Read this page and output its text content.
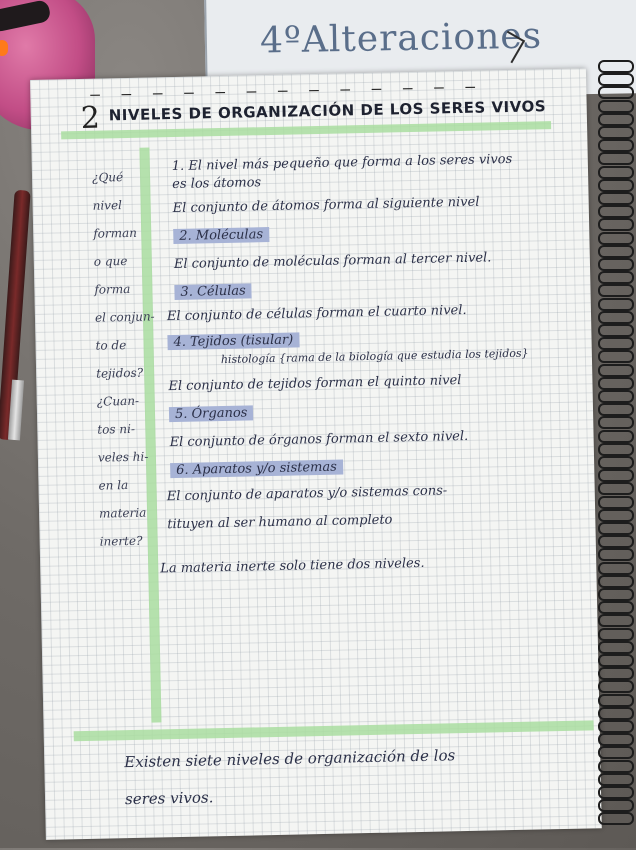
4ºAlteraciones
— — — — — — — — — — — — —
2 NIVELES DE ORGANIZACIÓN DE LOS SERES VIVOS
¿Qué
nivel
forman
o que
forma
el conjun-
to de
tejidos?
¿Cuan-
tos ni-
veles hi-
en la
materia
inerte?
1. El nivel más pequeño que forma a los seres vivos
es los átomos
El conjunto de átomos forma al siguiente nivel
2. Moléculas
El conjunto de moléculas forman al tercer nivel.
3. Células
El conjunto de células forman el cuarto nivel.
4. Tejidos (tisular)
histología {rama de la biología que estudia los tejidos}
El conjunto de tejidos forman el quinto nivel
5. Órganos
El conjunto de órganos forman el sexto nivel.
6. Aparatos y/o sistemas
El conjunto de aparatos y/o sistemas cons-
tituyen al ser humano al completo
La materia inerte solo tiene dos niveles.
Existen siete niveles de organización de los
seres vivos.
